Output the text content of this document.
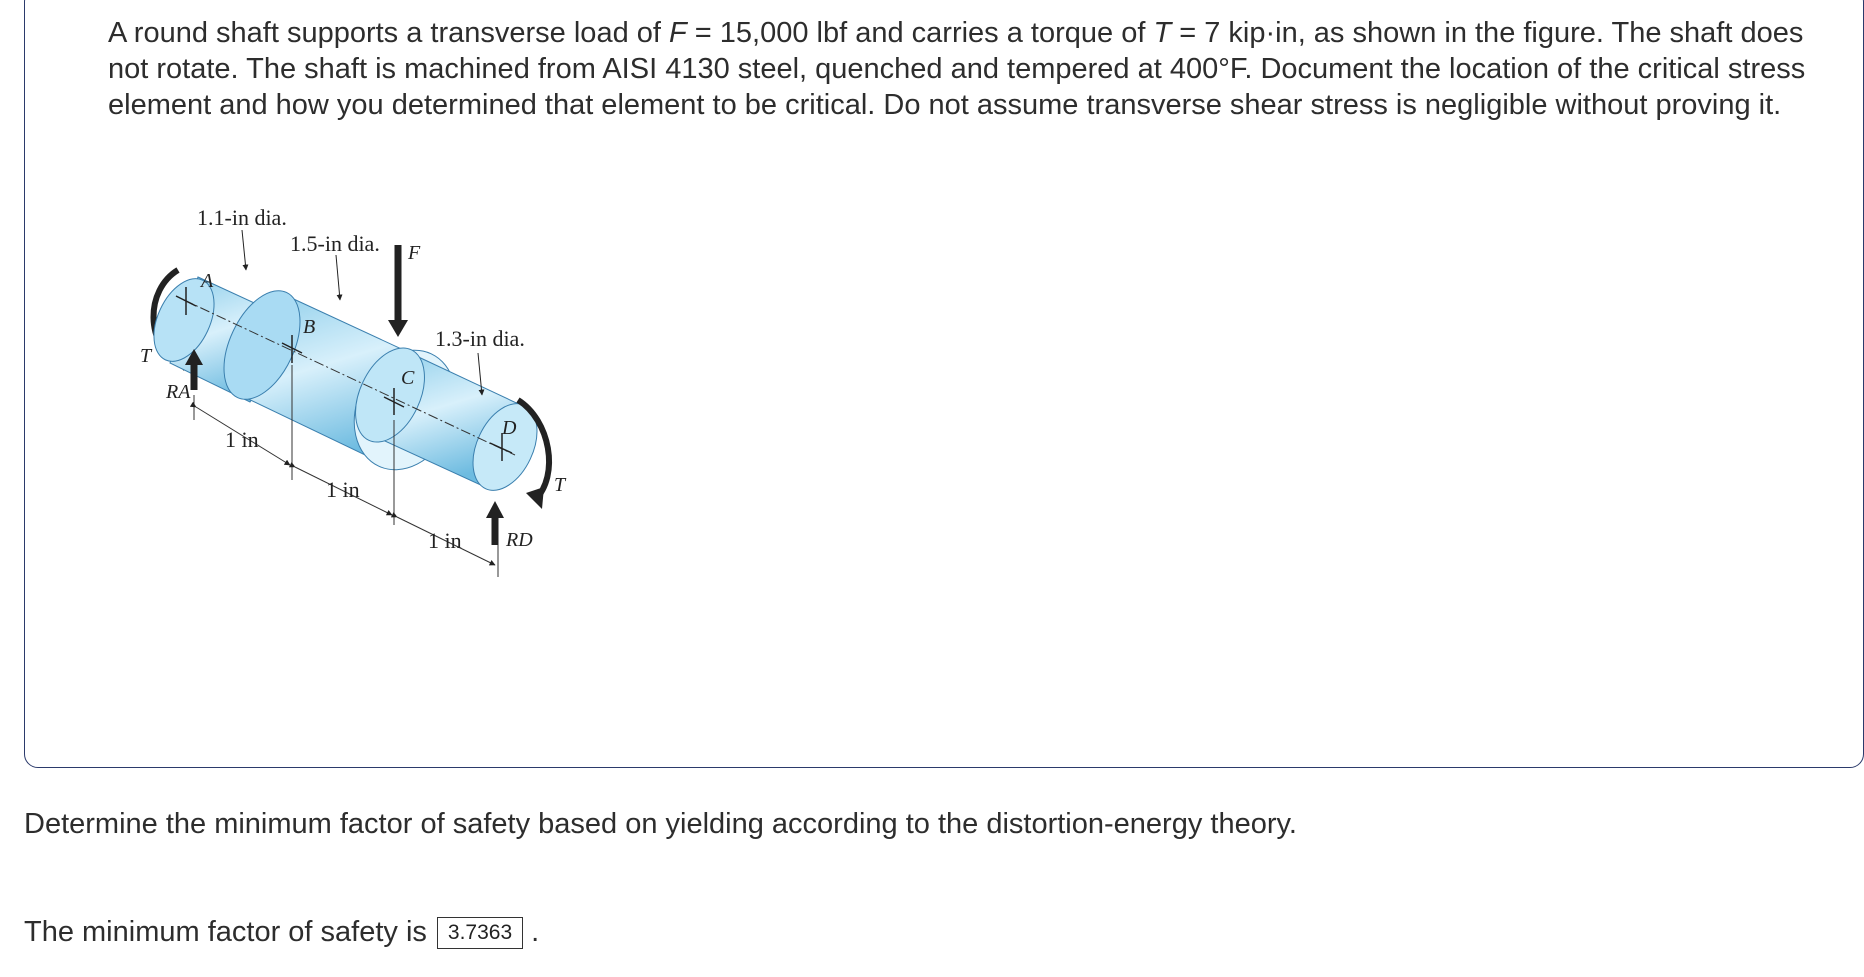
A round shaft supports a transverse load of F = 15,000 lbf and carries a torque of T = 7 kip·in, as shown in the figure. The shaft does not rotate. The shaft is machined from AISI 4130 steel, quenched and tempered at 400°F. Document the location of the critical stress element and how you determined that element to be critical. Do not assume transverse shear stress is negligible without proving it.
1.1-in dia.
1.5-in dia.
1.3-in dia.
F
A
B
C
D
T
T
RA
RD
1 in
1 in
1 in
Determine the minimum factor of safety based on yielding according to the distortion-energy theory.
The minimum factor of safety is	3.7363 .
